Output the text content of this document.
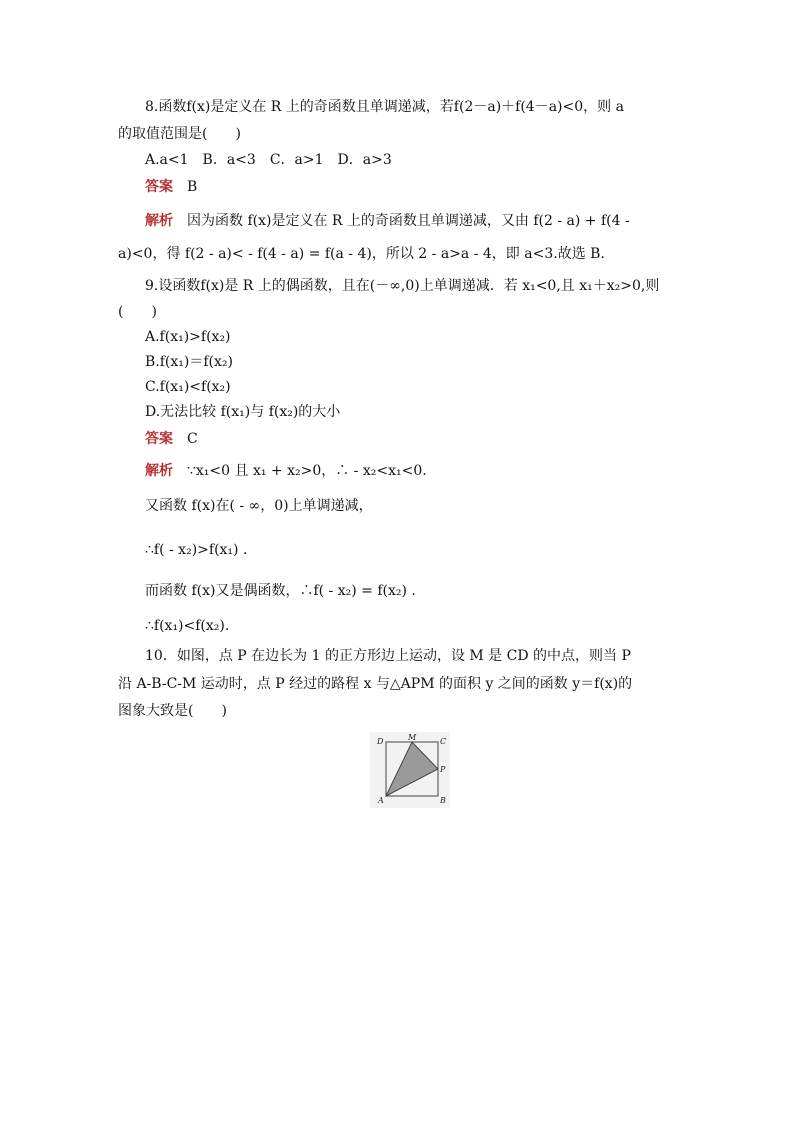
8.函数f(x)是定义在 R 上的奇函数且单调递减，若f(2－a)＋f(4－a)<0，则 a
的取值范围是(　　)
A.a<1　B．a<3　C．a>1　D．a>3
答案 B
解析 因为函数 f(x)是定义在 R 上的奇函数且单调递减，又由 f(2 - a) + f(4 -
a)<0，得 f(2 - a)< - f(4 - a) = f(a - 4)，所以 2 - a>a - 4，即 a<3.故选 B.
9.设函数f(x)是 R 上的偶函数，且在(－∞,0)上单调递减．若 x₁<0,且 x₁＋x₂>0,则
(　　)
A.f(x₁)>f(x₂)
B.f(x₁)＝f(x₂)
C.f(x₁)<f(x₂)
D.无法比较 f(x₁)与 f(x₂)的大小
答案 C
解析 ∵x₁<0 且 x₁ + x₂>0，∴ - x₂<x₁<0.
又函数 f(x)在( - ∞，0)上单调递减，
∴f( - x₂)>f(x₁) .
而函数 f(x)又是偶函数，∴f( - x₂) = f(x₂) .
∴f(x₁)<f(x₂).
10．如图，点 P 在边长为 1 的正方形边上运动，设 M 是 CD 的中点，则当 P
沿 A-B-C-M 运动时，点 P 经过的路程 x 与△APM 的面积 y 之间的函数 y＝f(x)的
图象大致是(　　)
D	M	C
P
A	B
